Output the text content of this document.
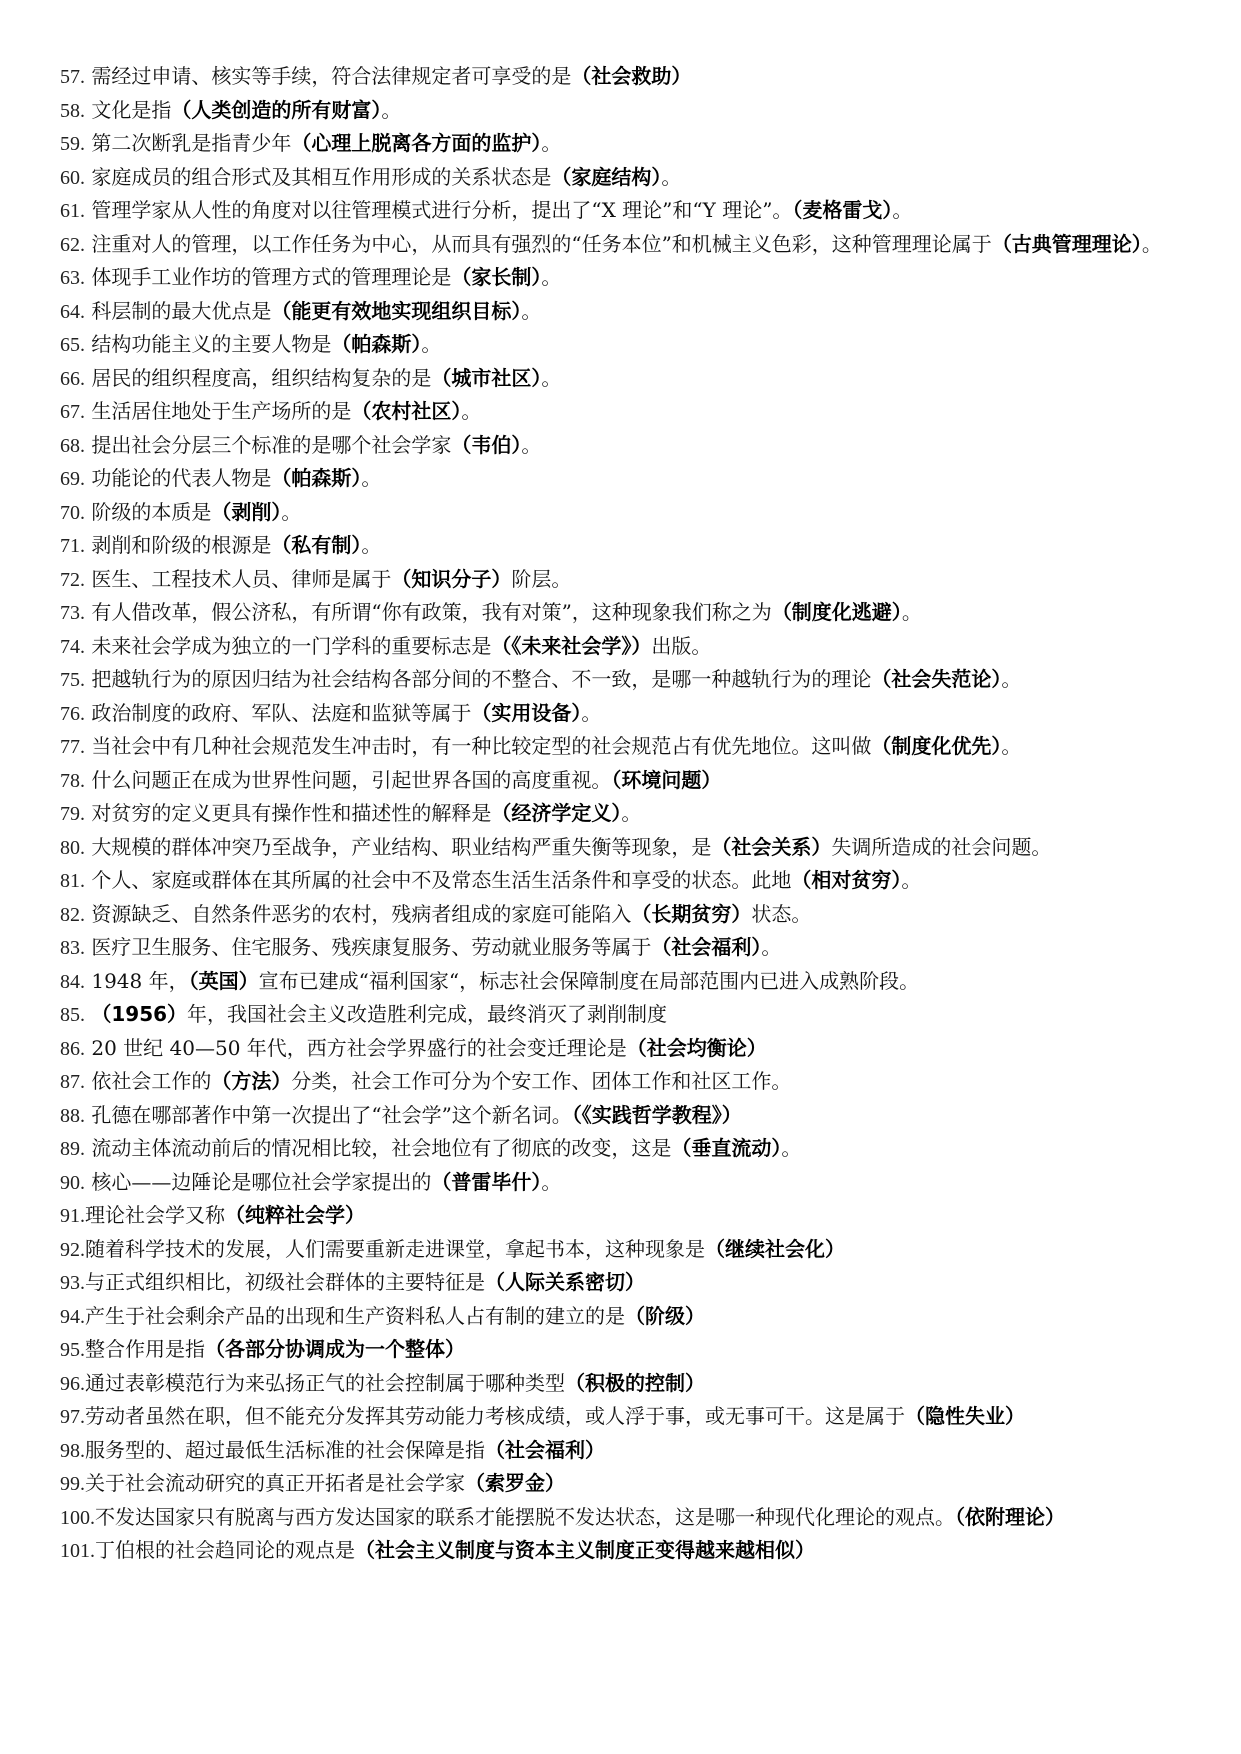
57. 需经过申请、核实等手续，符合法律规定者可享受的是（社会救助）

58. 文化是指（人类创造的所有财富）。

59. 第二次断乳是指青少年（心理上脱离各方面的监护）。

60. 家庭成员的组合形式及其相互作用形成的关系状态是（家庭结构）。

61. 管理学家从人性的角度对以往管理模式进行分析，提出了“X 理论”和“Y 理论”。（麦格雷戈）。

62. 注重对人的管理，以工作任务为中心，从而具有强烈的“任务本位”和机械主义色彩，这种管理理论属于（古典管理理论）。

63. 体现手工业作坊的管理方式的管理理论是（家长制）。

64. 科层制的最大优点是（能更有效地实现组织目标）。

65. 结构功能主义的主要人物是（帕森斯）。

66. 居民的组织程度高，组织结构复杂的是（城市社区）。

67. 生活居住地处于生产场所的是（农村社区）。

68. 提出社会分层三个标准的是哪个社会学家（韦伯）。

69. 功能论的代表人物是（帕森斯）。

70. 阶级的本质是（剥削）。

71. 剥削和阶级的根源是（私有制）。

72. 医生、工程技术人员、律师是属于（知识分子）阶层。

73. 有人借改革，假公济私，有所谓“你有政策，我有对策”，这种现象我们称之为（制度化逃避）。

74. 未来社会学成为独立的一门学科的重要标志是（《未来社会学》）出版。

75. 把越轨行为的原因归结为社会结构各部分间的不整合、不一致，是哪一种越轨行为的理论（社会失范论）。

76. 政治制度的政府、军队、法庭和监狱等属于（实用设备）。

77. 当社会中有几种社会规范发生冲击时，有一种比较定型的社会规范占有优先地位。这叫做（制度化优先）。

78. 什么问题正在成为世界性问题，引起世界各国的高度重视。（环境问题）

79. 对贫穷的定义更具有操作性和描述性的解释是（经济学定义）。

80. 大规模的群体冲突乃至战争，产业结构、职业结构严重失衡等现象，是（社会关系）失调所造成的社会问题。

81. 个人、家庭或群体在其所属的社会中不及常态生活生活条件和享受的状态。此地（相对贫穷）。

82. 资源缺乏、自然条件恶劣的农村，残病者组成的家庭可能陷入（长期贫穷）状态。

83. 医疗卫生服务、住宅服务、残疾康复服务、劳动就业服务等属于（社会福利）。

84. 1948 年，（英国）宣布已建成“福利国家“，标志社会保障制度在局部范围内已进入成熟阶段。

85. （1956）年，我国社会主义改造胜利完成，最终消灭了剥削制度

86. 20 世纪 40—50 年代，西方社会学界盛行的社会变迁理论是（社会均衡论）

87. 依社会工作的（方法）分类，社会工作可分为个安工作、团体工作和社区工作。

88. 孔德在哪部著作中第一次提出了“社会学”这个新名词。（《实践哲学教程》）

89. 流动主体流动前后的情况相比较，社会地位有了彻底的改变，这是（垂直流动）。

90. 核心——边陲论是哪位社会学家提出的（普雷毕什）。

91.理论社会学又称（纯粹社会学）

92.随着科学技术的发展，人们需要重新走进课堂，拿起书本，这种现象是（继续社会化）

93.与正式组织相比，初级社会群体的主要特征是（人际关系密切）

94.产生于社会剩余产品的出现和生产资料私人占有制的建立的是（阶级）

95.整合作用是指（各部分协调成为一个整体）

96.通过表彰模范行为来弘扬正气的社会控制属于哪种类型（积极的控制）

97.劳动者虽然在职，但不能充分发挥其劳动能力考核成绩，或人浮于事，或无事可干。这是属于（隐性失业）

98.服务型的、超过最低生活标准的社会保障是指（社会福利）

99.关于社会流动研究的真正开拓者是社会学家（索罗金）

100.不发达国家只有脱离与西方发达国家的联系才能摆脱不发达状态，这是哪一种现代化理论的观点。（依附理论）

101.丁伯根的社会趋同论的观点是（社会主义制度与资本主义制度正变得越来越相似）
